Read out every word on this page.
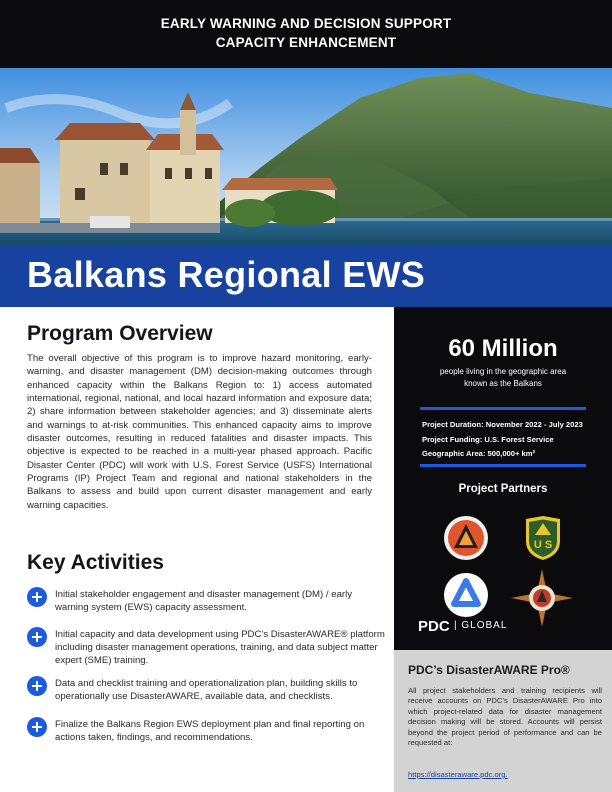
EARLY WARNING AND DECISION SUPPORT
CAPACITY ENHANCEMENT
Balkans Regional EWS
Program Overview
The overall objective of this program is to improve hazard monitoring, early-warning, and disaster management (DM) decision-making outcomes through enhanced capacity within the Balkans Region to: 1) access automated international, regional, national, and local hazard information and exposure data; 2) share information between stakeholder agencies; and 3) disseminate alerts and warnings to at-risk communities. This enhanced capacity aims to improve disaster outcomes, resulting in reduced fatalities and disaster impacts. This objective is expected to be reached in a multi-year phased approach. Pacific Disaster Center (PDC) will work with U.S. Forest Service (USFS) International Programs (IP) Project Team and regional and national stakeholders in the Balkans to assess and build upon current disaster management and early warning capacities.
Key Activities
Initial stakeholder engagement and disaster management (DM) / early warning system (EWS) capacity assessment.
Initial capacity and data development using PDC’s DisasterAWARE® platform including disaster management operations, training, and data subject matter expert (SME) training.
Data and checklist training and operationalization plan, building skills to operationally use DisasterAWARE, available data, and checklists.
Finalize the Balkans Region EWS deployment plan and final reporting on actions taken, findings, and recommendations.
60 Million
people living in the geographic area known as the Balkans
Project Duration: November 2022 - July 2023
Project Funding: U.S. Forest Service
Geographic Area: 500,000+ km²
Project Partners
U S
PDC | GLOBAL
PDC’s DisasterAWARE Pro®
All project stakeholders and training recipients will receive accounts on PDC’s DisasterAWARE Pro into which project-related data for disaster management decision making will be stored. Accounts will persist beyond the project period of performance and can be requested at:
https://disasteraware.pdc.org.
